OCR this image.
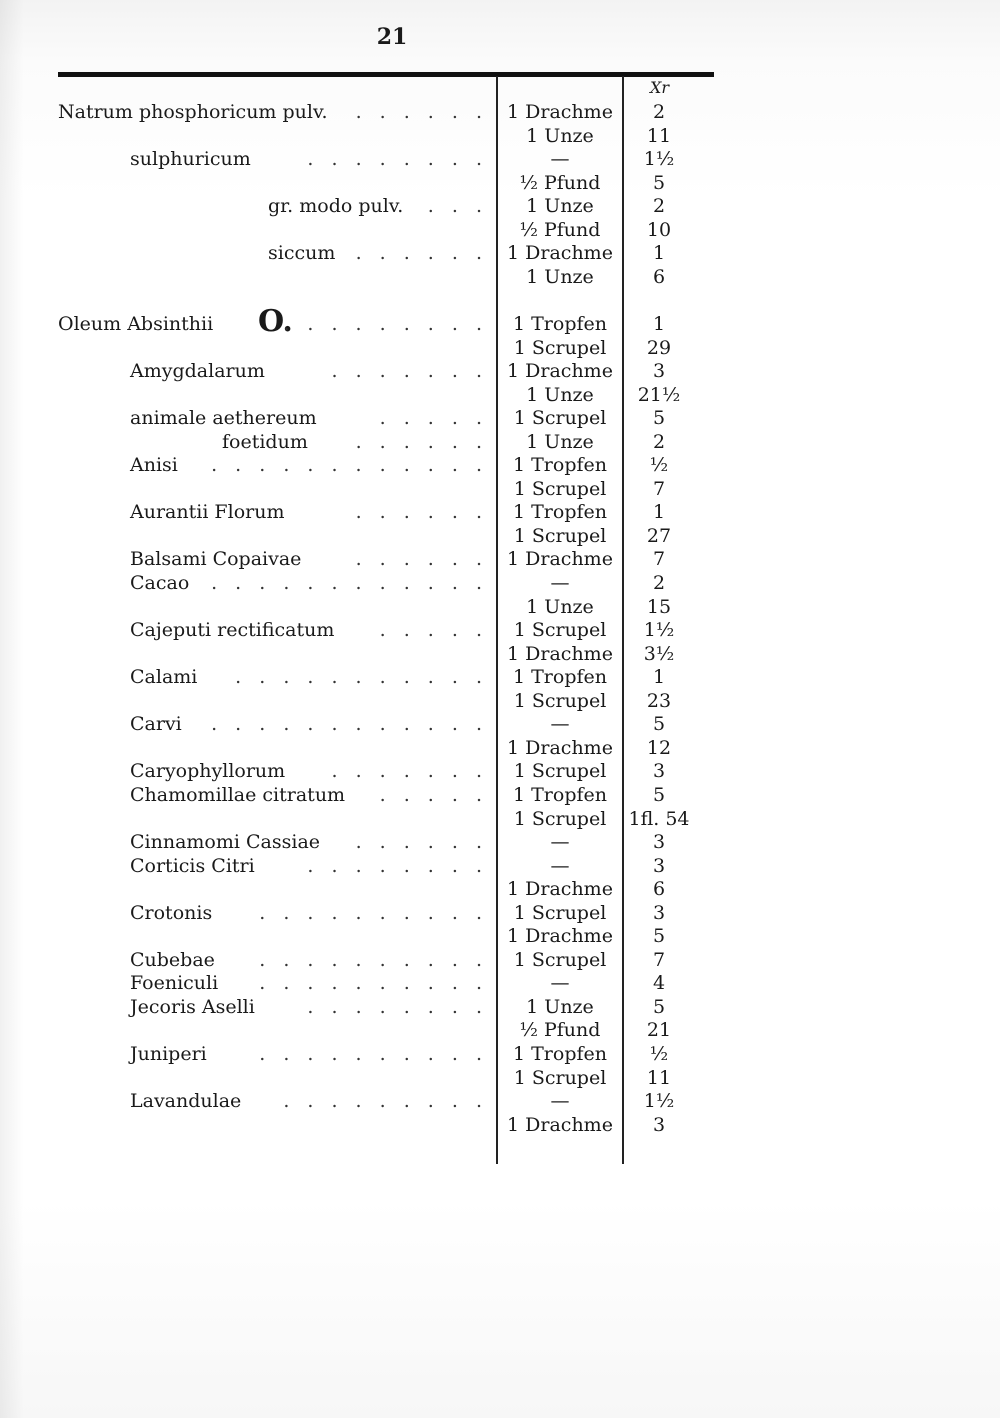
21
Xr
O.
Natrum phosphoricum pulv. . . . . . .	1 Drachme	2
1 Unze	11
sulphuricum	. . . . . . . .	—	1½
½ Pfund	5
gr. modo pulv. . . .	1 Unze	2
½ Pfund	10
siccum . . . . . .	1 Drachme	1
1 Unze	6
Oleum Absinthii	. . . . . . . . .	1 Tropfen	1
1 Scrupel	29
Amygdalarum	. . . . . . .	1 Drachme	3
1 Unze	21½
animale aethereum	. . . . .	1 Scrupel	5
foetidum	. . . . . .	1 Unze	2
Anisi . . . . . . . . . . . .	1 Tropfen	½
1 Scrupel	7
Aurantii Florum	. . . . . .	1 Tropfen	1
1 Scrupel	27
Balsami Copaivae	. . . . . .	1 Drachme	7
Cacao . . . . . . . . . . . .	—	2
1 Unze	15
Cajeputi rectificatum . . . . .	1 Scrupel	1½
1 Drachme	3½
Calami . . . . . . . . . . .	1 Tropfen	1
1 Scrupel	23
Carvi . . . . . . . . . . . .	—	5
1 Drachme	12
Caryophyllorum . . . . . . .	1 Scrupel	3
Chamomillae citratum . . . . .	1 Tropfen	5
1 Scrupel	1fl. 54
Cinnamomi Cassiae . . . . . .	—	3
Corticis Citri	. . . . . . . .	—	3
1 Drachme	6
Crotonis . . . . . . . . . .	1 Scrupel	3
1 Drachme	5
Cubebae . . . . . . . . . .	1 Scrupel	7
Foeniculi . . . . . . . . . .	—	4
Jecoris Aselli	. . . . . . . .	1 Unze	5
½ Pfund	21
Juniperi	. . . . . . . . . .	1 Tropfen	½
1 Scrupel	11
Lavandulae . . . . . . . . .	—	1½
1 Drachme	3
